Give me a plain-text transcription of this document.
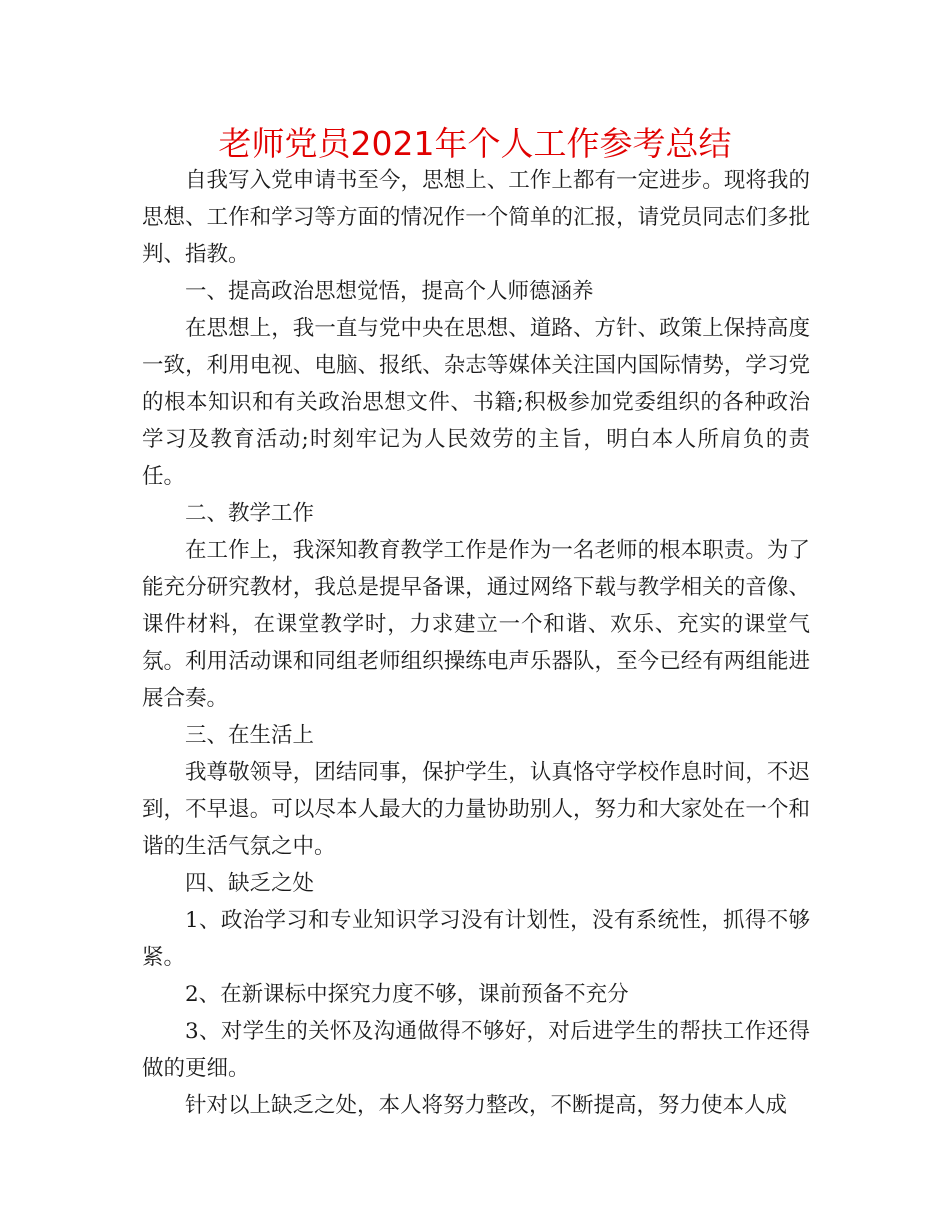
老师党员2021年个人工作参考总结

自我写入党申请书至今，思想上、工作上都有一定进步。现将我的思想、工作和学习等方面的情况作一个简单的汇报，请党员同志们多批判、指教。

一、提高政治思想觉悟，提高个人师德涵养

在思想上，我一直与党中央在思想、道路、方针、政策上保持高度一致，利用电视、电脑、报纸、杂志等媒体关注国内国际情势，学习党的根本知识和有关政治思想文件、书籍;积极参加党委组织的各种政治学习及教育活动;时刻牢记为人民效劳的主旨，明白本人所肩负的责任。

二、教学工作

在工作上，我深知教育教学工作是作为一名老师的根本职责。为了能充分研究教材，我总是提早备课，通过网络下载与教学相关的音像、课件材料，在课堂教学时，力求建立一个和谐、欢乐、充实的课堂气氛。利用活动课和同组老师组织操练电声乐器队，至今已经有两组能进展合奏。

三、在生活上

我尊敬领导，团结同事，保护学生，认真恪守学校作息时间，不迟到，不早退。可以尽本人最大的力量协助别人，努力和大家处在一个和谐的生活气氛之中。

四、缺乏之处

1、政治学习和专业知识学习没有计划性，没有系统性，抓得不够紧。

2、在新课标中探究力度不够，课前预备不充分

3、对学生的关怀及沟通做得不够好，对后进学生的帮扶工作还得做的更细。

针对以上缺乏之处，本人将努力整改，不断提高，努力使本人成
